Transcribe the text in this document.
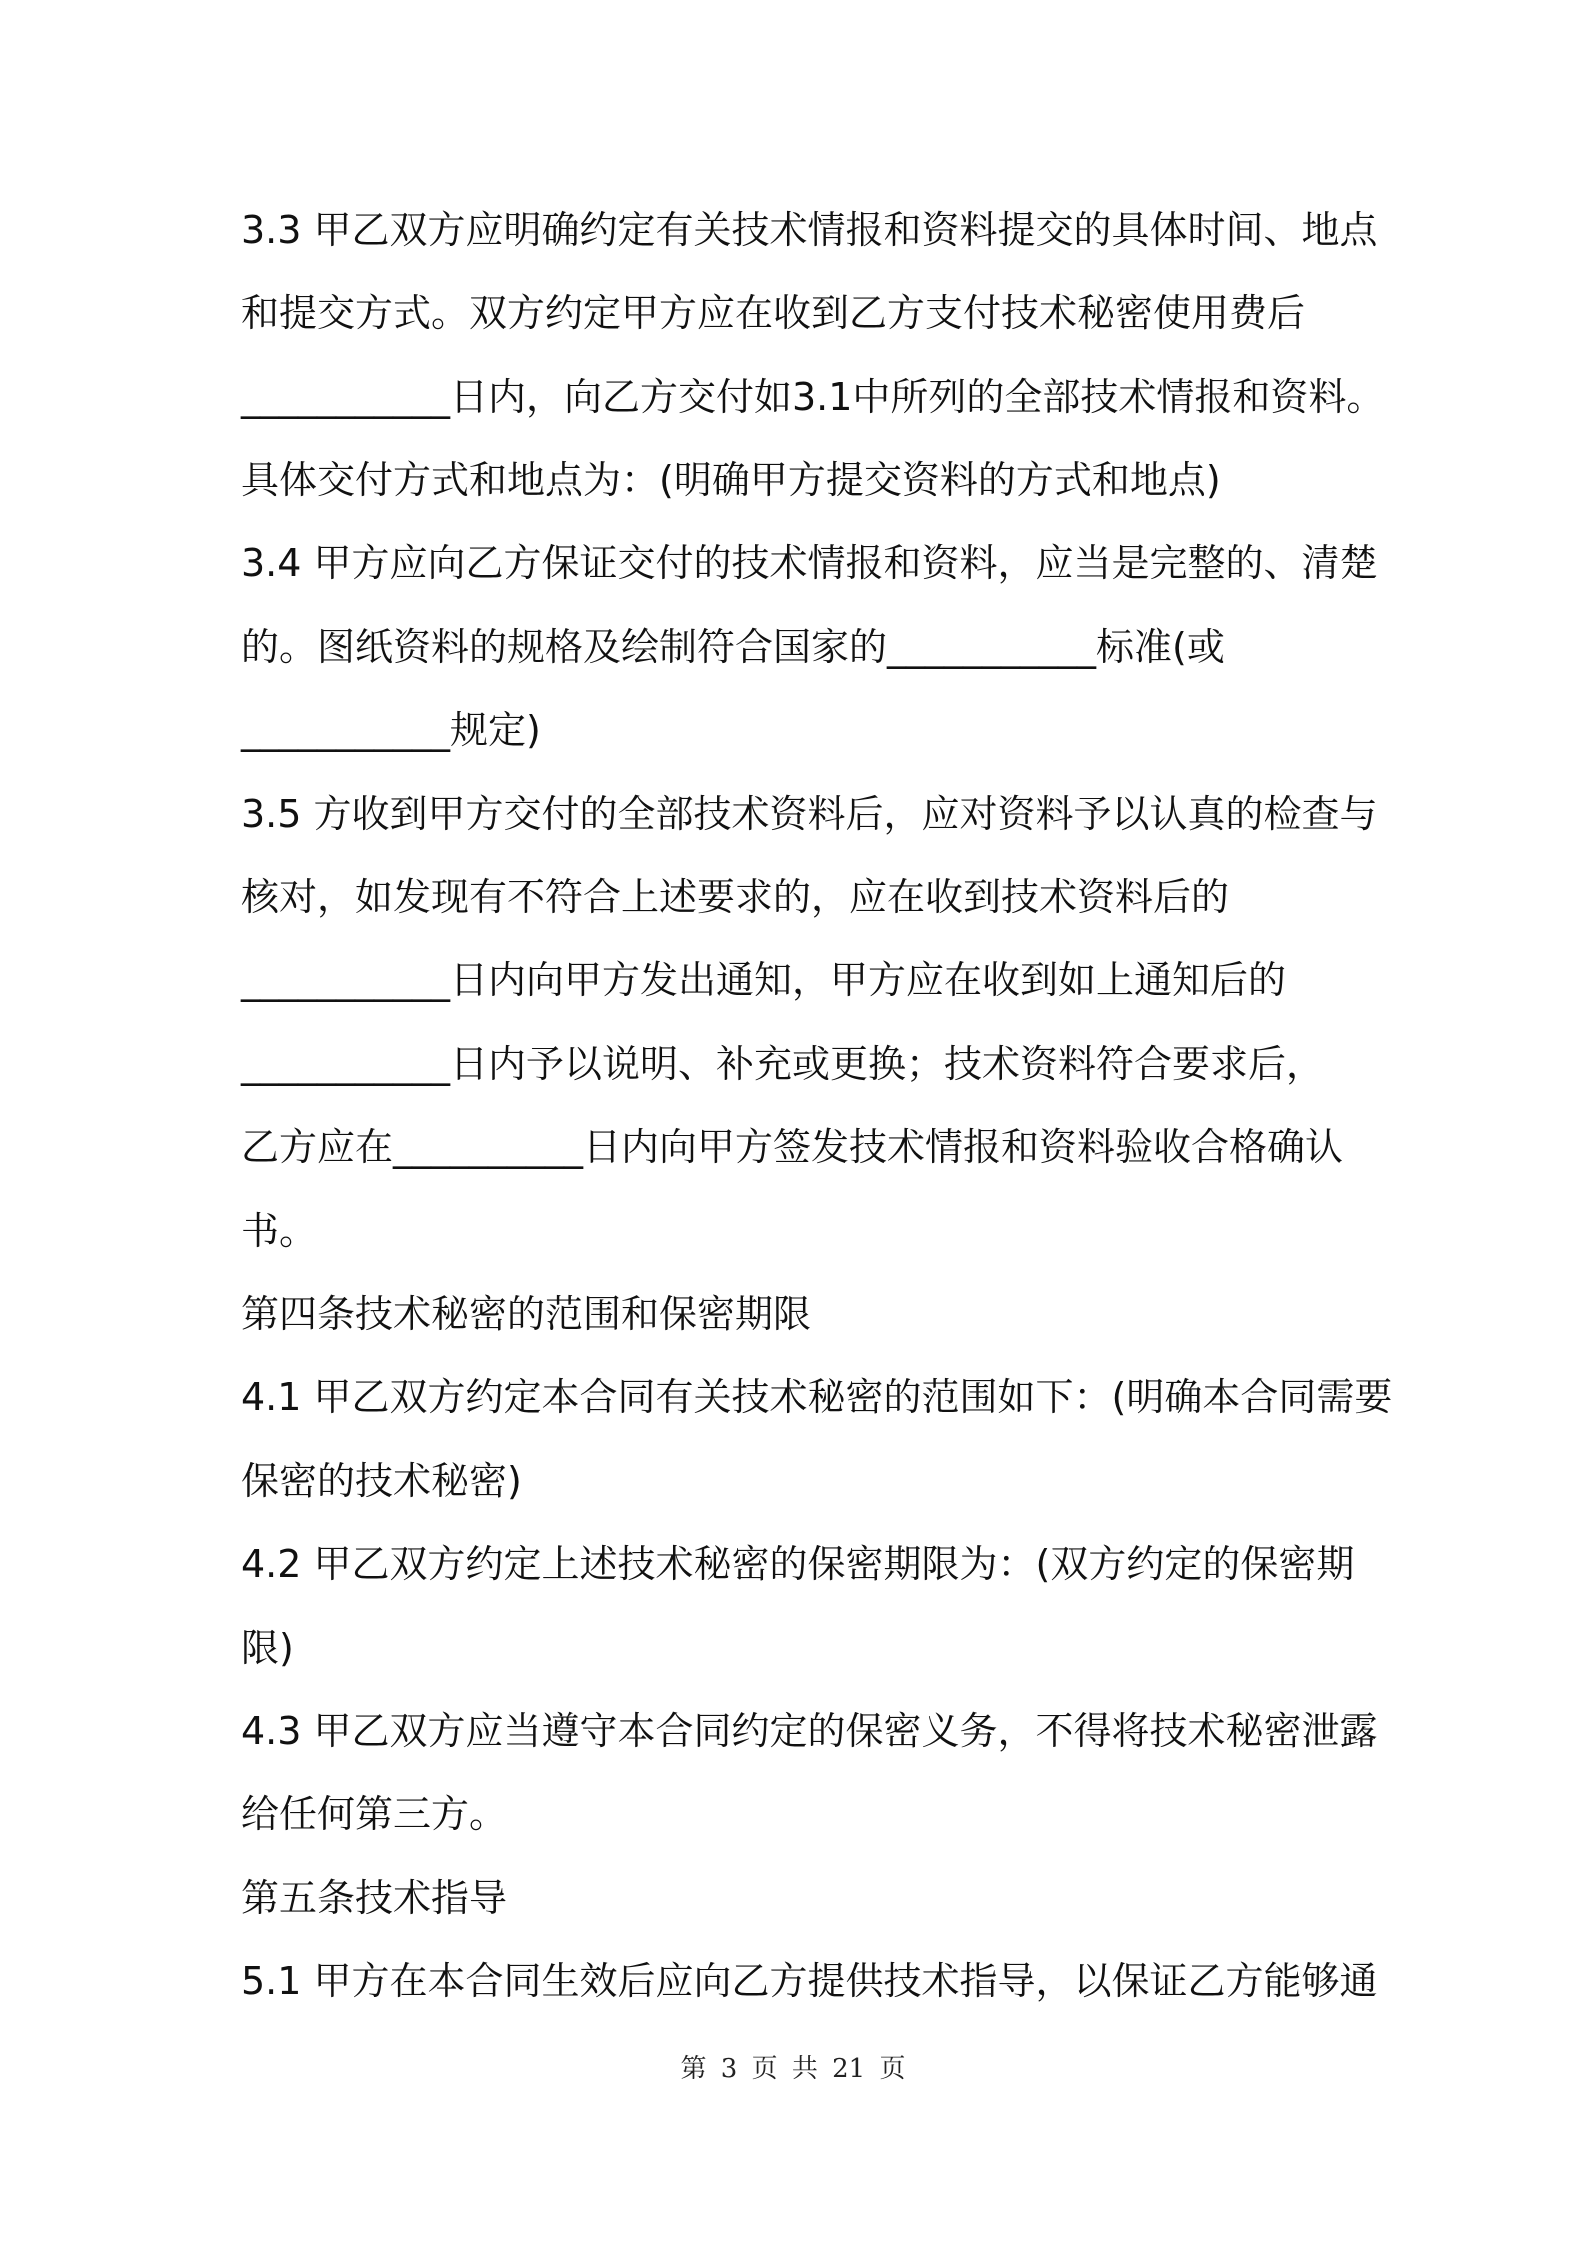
3.3 甲乙双方应明确约定有关技术情报和资料提交的具体时间、地点
和提交方式。双方约定甲方应在收到乙方支付技术秘密使用费后
___________日内，向乙方交付如3.1中所列的全部技术情报和资料。
具体交付方式和地点为：(明确甲方提交资料的方式和地点)
3.4 甲方应向乙方保证交付的技术情报和资料，应当是完整的、清楚
的。图纸资料的规格及绘制符合国家的___________标准(或
___________规定)
3.5 方收到甲方交付的全部技术资料后，应对资料予以认真的检查与
核对，如发现有不符合上述要求的，应在收到技术资料后的
___________日内向甲方发出通知，甲方应在收到如上通知后的
___________日内予以说明、补充或更换；技术资料符合要求后，
乙方应在__________日内向甲方签发技术情报和资料验收合格确认
书。
第四条技术秘密的范围和保密期限
4.1 甲乙双方约定本合同有关技术秘密的范围如下：(明确本合同需要
保密的技术秘密)
4.2 甲乙双方约定上述技术秘密的保密期限为：(双方约定的保密期
限)
4.3 甲乙双方应当遵守本合同约定的保密义务，不得将技术秘密泄露
给任何第三方。
第五条技术指导
5.1 甲方在本合同生效后应向乙方提供技术指导，以保证乙方能够通
第 3 页 共 21 页
